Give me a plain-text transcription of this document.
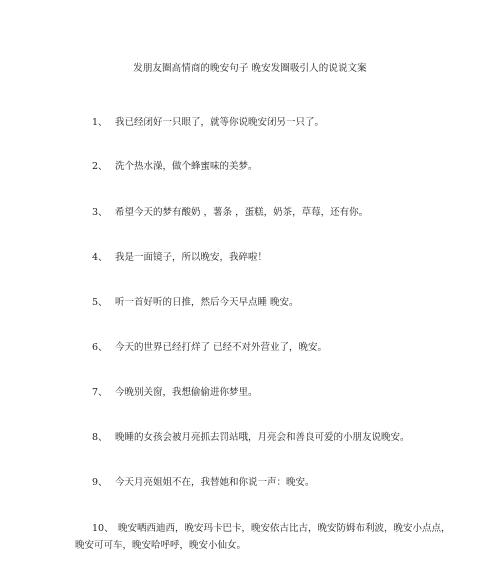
发朋友圈高情商的晚安句子 晚安发圈吸引人的说说文案
1、 我已经闭好一只眼了，就等你说晚安闭另一只了。
2、 洗个热水澡，做个蜂蜜味的美梦。
3、 希望今天的梦有酸奶 ，薯条 ，蛋糕，奶茶，草莓，还有你。
4、 我是一面镜子，所以晚安，我碎啦！
5、 听一首好听的日推，然后今天早点睡 晚安。
6、 今天的世界已经打烊了 已经不对外营业了，晚安。
7、 今晚别关窗，我想偷偷进你梦里。
8、 晚睡的女孩会被月亮抓去罚站哦，月亮会和善良可爱的小朋友说晚安。
9、 今天月亮姐姐不在，我替她和你说一声：晚安。
10、 晚安哂西迪西，晚安玛卡巴卡，晚安依古比古，晚安防姆布利波，晚安小点点，
晚安可可车，晚安哈呼呼，晚安小仙女。
